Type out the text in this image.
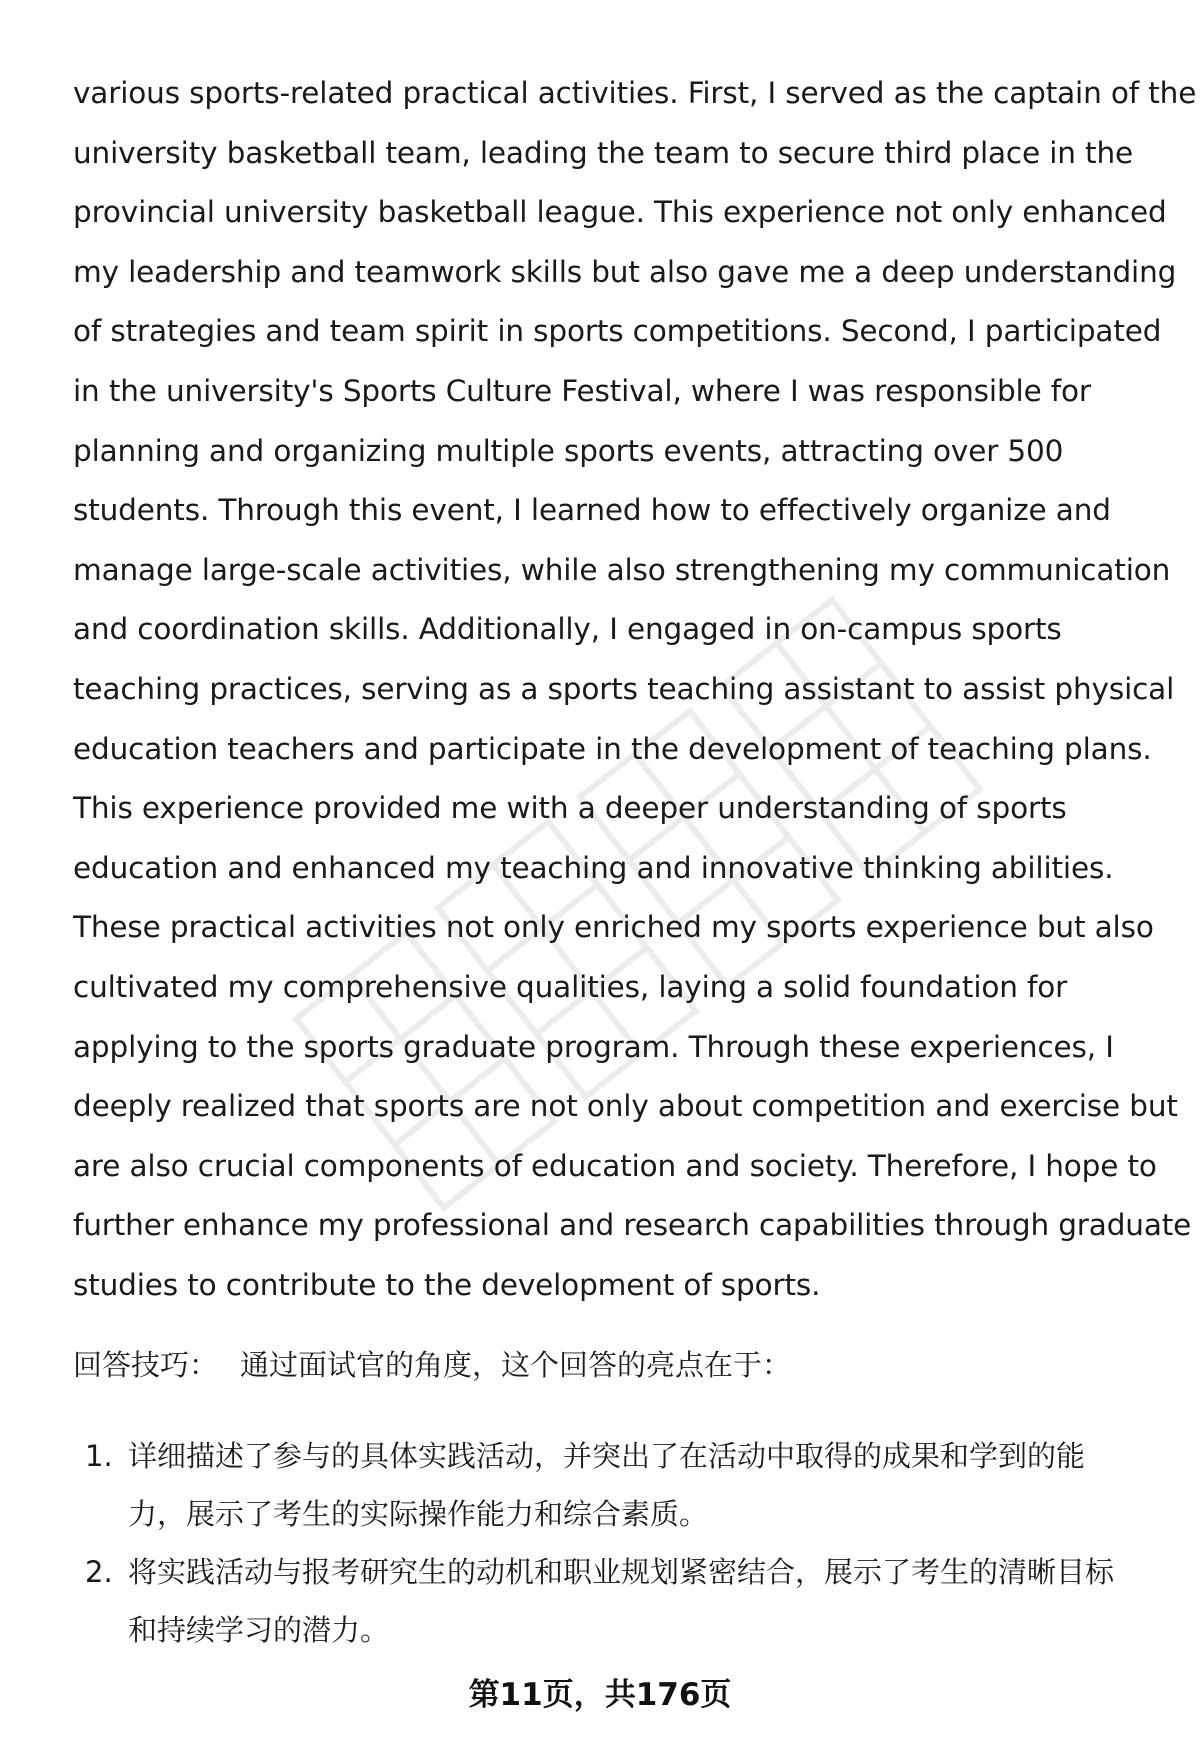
various sports-related practical activities. First, I served as the captain of the
university basketball team, leading the team to secure third place in the
provincial university basketball league. This experience not only enhanced
my leadership and teamwork skills but also gave me a deep understanding
of strategies and team spirit in sports competitions. Second, I participated
in the university's Sports Culture Festival, where I was responsible for
planning and organizing multiple sports events, attracting over 500
students. Through this event, I learned how to effectively organize and
manage large-scale activities, while also strengthening my communication
and coordination skills. Additionally, I engaged in on-campus sports
teaching practices, serving as a sports teaching assistant to assist physical
education teachers and participate in the development of teaching plans.
This experience provided me with a deeper understanding of sports
education and enhanced my teaching and innovative thinking abilities.
These practical activities not only enriched my sports experience but also
cultivated my comprehensive qualities, laying a solid foundation for
applying to the sports graduate program. Through these experiences, I
deeply realized that sports are not only about competition and exercise but
are also crucial components of education and society. Therefore, I hope to
further enhance my professional and research capabilities through graduate
studies to contribute to the development of sports.
回答技巧： 通过面试官的角度，这个回答的亮点在于：
1. 详细描述了参与的具体实践活动，并突出了在活动中取得的成果和学到的能
力，展示了考生的实际操作能力和综合素质。
2. 将实践活动与报考研究生的动机和职业规划紧密结合，展示了考生的清晰目标
和持续学习的潜力。
第11页，共176页
